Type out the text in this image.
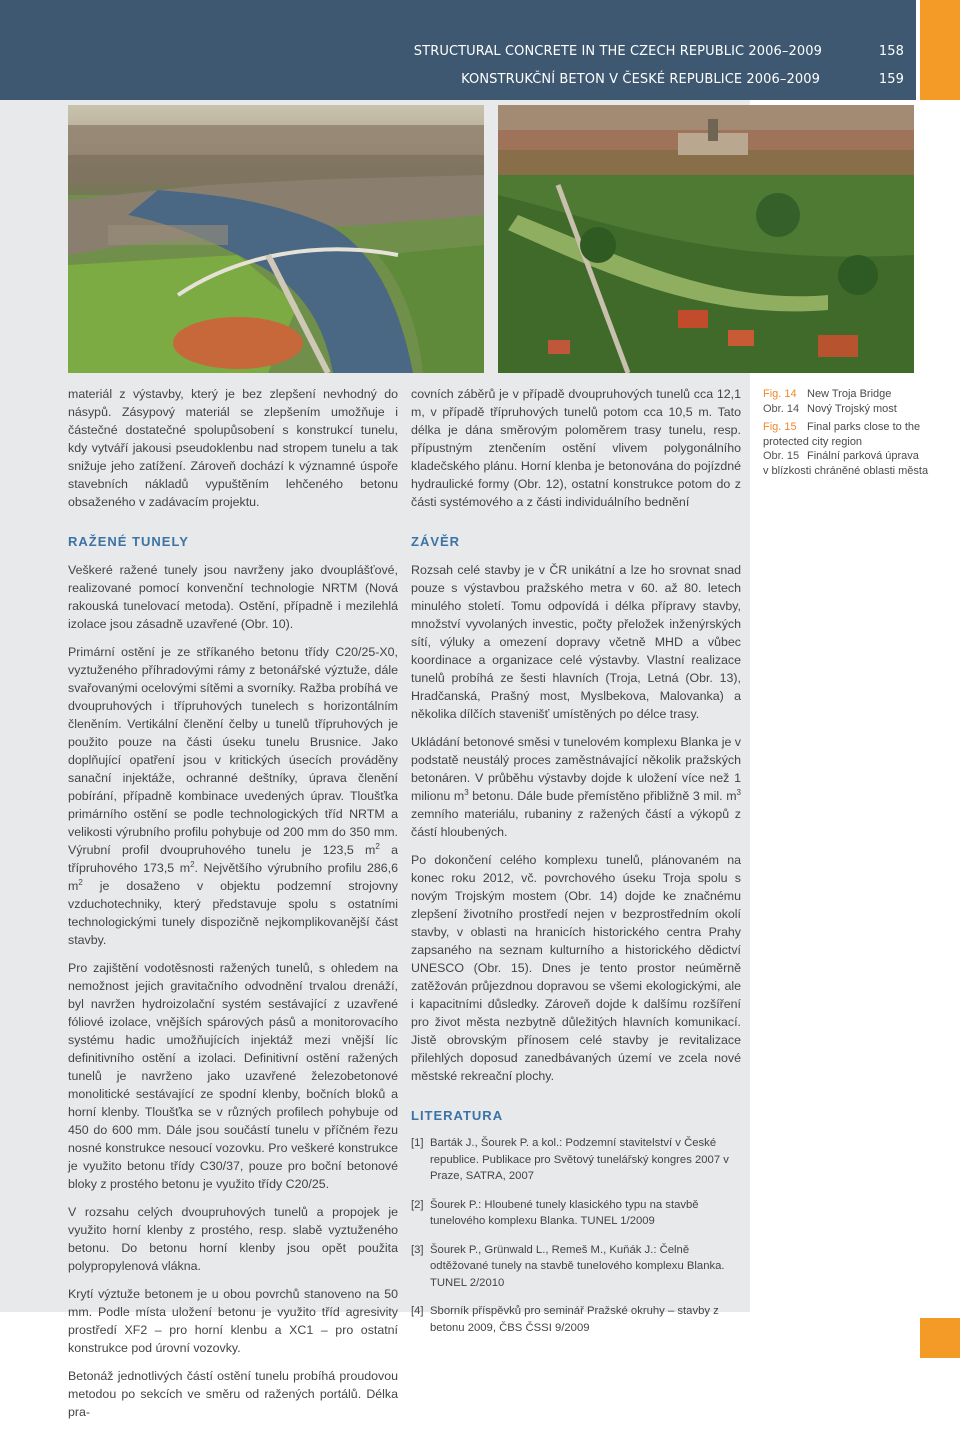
STRUCTURAL CONCRETE IN THE CZECH REPUBLIC 2006–2009	158
KONSTRUKČNÍ BETON V ČESKÉ REPUBLICE 2006–2009	159

materiál z výstavby, který je bez zlepšení nevhodný do násypů. Zásypový materiál se zlepšením umožňuje i částečné dostatečné spolupůsobení s konstrukcí tunelu, kdy vytváří jakousi pseudoklenbu nad stropem tunelu a tak snižuje jeho zatížení. Zároveň dochází k významné úspoře stavebních nákladů vypuštěním lehčeného betonu obsaženého v zadávacím projektu.

RAŽENÉ TUNELY

Veškeré ražené tunely jsou navrženy jako dvouplášťové, realizované pomocí konvenční technologie NRTM (Nová rakouská tunelovací metoda). Ostění, případně i mezilehlá izolace jsou zásadně uzavřené (Obr. 10).

Primární ostění je ze stříkaného betonu třídy C20/25-X0, vyztuženého příhradovými rámy z betonářské výztuže, dále svařovanými ocelovými sítěmi a svorníky. Ražba probíhá ve dvoupruhových i třípruhových tunelech s horizontálním členěním. Vertikální členění čelby u tunelů třípruhových je použito pouze na části úseku tunelu Brusnice. Jako doplňující opatření jsou v kritických úsecích prováděny sanační injektáže, ochranné deštníky, úprava členění pobírání, případně kombinace uvedených úprav. Tloušťka primárního ostění se podle technologických tříd NRTM a velikosti výrubního profilu pohybuje od 200 mm do 350 mm. Výrubní profil dvoupruhového tunelu je 123,5 $m^2$ a třípruhového 173,5 $m^2$. Největšího výrubního profilu 286,6 $m^2$ je dosaženo v objektu podzemní strojovny vzduchotechniky, který představuje spolu s ostatními technologickými tunely dispozičně nejkomplikovanější část stavby.

Pro zajištění vodotěsnosti ražených tunelů, s ohledem na nemožnost jejich gravitačního odvodnění trvalou drenáží, byl navržen hydroizolační systém sestávající z uzavřené fóliové izolace, vnějších spárových pásů a monitorovacího systému hadic umožňujících injektáž mezi vnější líc definitivního ostění a izolaci. Definitivní ostění ražených tunelů je navrženo jako uzavřené železobetonové monolitické sestávající ze spodní klenby, bočních bloků a horní klenby. Tloušťka se v různých profilech pohybuje od 450 do 600 mm. Dále jsou součástí tunelu v příčném řezu nosné konstrukce nesoucí vozovku. Pro veškeré konstrukce je využito betonu třídy C30/37, pouze pro boční betonové bloky z prostého betonu je využito třídy C20/25.

V rozsahu celých dvoupruhových tunelů a propojek je využito horní klenby z prostého, resp. slabě vyztuženého betonu. Do betonu horní klenby jsou opět použita polypropylenová vlákna.

Krytí výztuže betonem je u obou povrchů stanoveno na 50 mm. Podle místa uložení betonu je využito tříd agresivity prostředí XF2 – pro horní klenbu a XC1 – pro ostatní konstrukce pod úrovní vozovky.

Betonáž jednotlivých částí ostění tunelu probíhá proudovou metodou po sekcích ve směru od ražených portálů. Délka pra-

covních záběrů je v případě dvoupruhových tunelů cca 12,1 m, v případě třípruhových tunelů potom cca 10,5 m. Tato délka je dána směrovým poloměrem trasy tunelu, resp. přípustným ztenčením ostění vlivem polygonálního kladečského plánu. Horní klenba je betonována do pojízdné hydraulické formy (Obr. 12), ostatní konstrukce potom do z části systémového a z části individuálního bednění

ZÁVĚR

Rozsah celé stavby je v ČR unikátní a lze ho srovnat snad pouze s výstavbou pražského metra v 60. až 80. letech minulého století. Tomu odpovídá i délka přípravy stavby, množství vyvolaných investic, počty přeložek inženýrských sítí, výluky a omezení dopravy včetně MHD a vůbec koordinace a organizace celé výstavby. Vlastní realizace tunelů probíhá ze šesti hlavních (Troja, Letná (Obr. 13), Hradčanská, Prašný most, Myslbekova, Malovanka) a několika dílčích stavenišť umístěných po délce trasy.

Ukládání betonové směsi v tunelovém komplexu Blanka je v podstatě neustálý proces zaměstnávající několik pražských betonáren. V průběhu výstavby dojde k uložení více než 1 milionu $m^3$ betonu. Dále bude přemístěno přibližně 3 mil. $m^3$ zemního materiálu, rubaniny z ražených částí a výkopů z částí hloubených.

Po dokončení celého komplexu tunelů, plánovaném na konec roku 2012, vč. povrchového úseku Troja spolu s novým Trojským mostem (Obr. 14) dojde ke značnému zlepšení životního prostředí nejen v bezprostředním okolí stavby, v oblasti na hranicích historického centra Prahy zapsaného na seznam kulturního a historického dědictví UNESCO (Obr. 15). Dnes je tento prostor neúměrně zatěžován průjezdnou dopravou se všemi ekologickými, ale i kapacitními důsledky. Zároveň dojde k dalšímu rozšíření pro život města nezbytně důležitých hlavních komunikací. Jistě obrovským přínosem celé stavby je revitalizace přilehlých doposud zanedbávaných území ve zcela nové městské rekreační plochy.

LITERATURA
[1] Barták J., Šourek P. a kol.: Podzemní stavitelství v České republice. Publikace pro Světový tunelářský kongres 2007 v Praze, SATRA, 2007
[2] Šourek P.: Hloubené tunely klasického typu na stavbě tunelového komplexu Blanka. TUNEL 1/2009
[3] Šourek P., Grünwald L., Remeš M., Kuňák J.: Čelně odtěžované tunely na stavbě tunelového komplexu Blanka. TUNEL 2/2010
[4] Sborník příspěvků pro seminář Pražské okruhy – stavby z betonu 2009, ČBS ČSSI 9/2009
Fig. 14 New Troja Bridge
Obr. 14 Nový Trojský most
Fig. 15 Final parks close to the
protected city region
Obr. 15 Finální parková úprava
v blízkosti chráněné oblasti města
